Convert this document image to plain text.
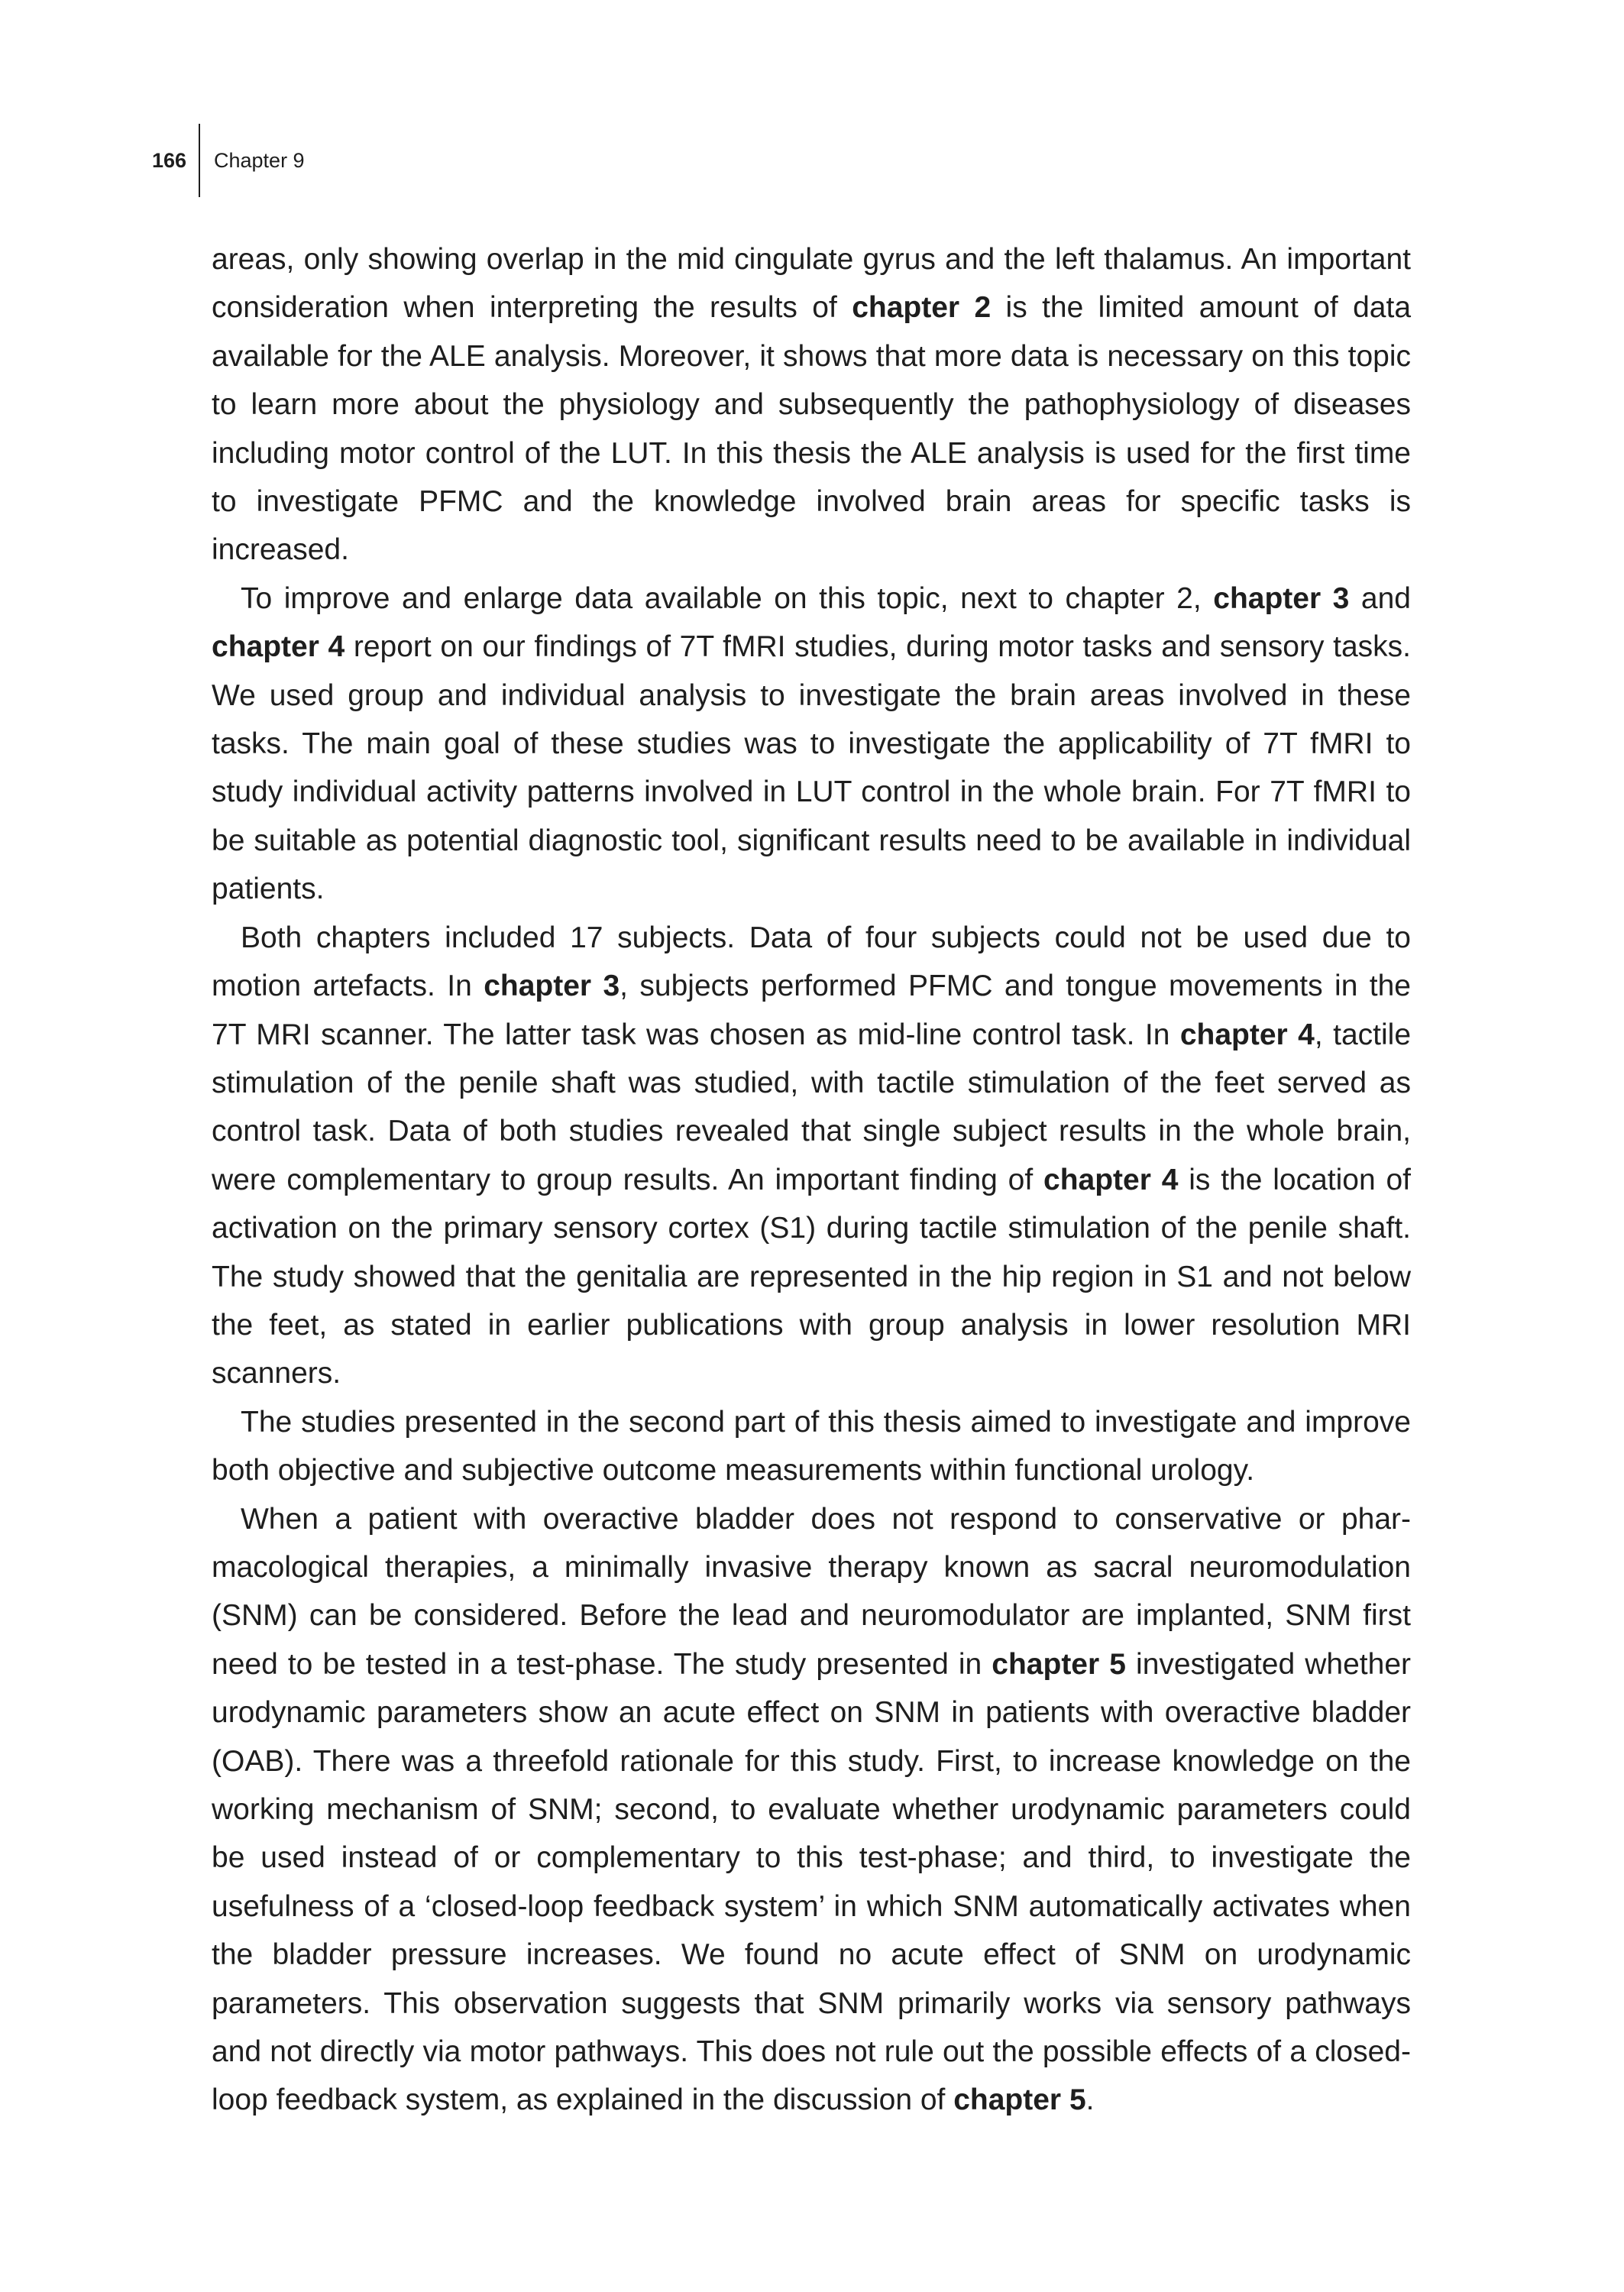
166	Chapter 9

areas, only showing overlap in the mid cingulate gyrus and the left thalamus. An important consideration when interpreting the results of chapter 2 is the limited amount of data available for the ALE analysis. Moreover, it shows that more data is necessary on this topic to learn more about the physiology and subsequently the pathophysiology of diseases including motor control of the LUT. In this thesis the ALE analysis is used for the first time to investigate PFMC and the knowledge involved brain areas for specific tasks is increased.

To improve and enlarge data available on this topic, next to chapter 2, chapter 3 and chapter 4 report on our findings of 7T fMRI studies, during motor tasks and sensory tasks. We used group and individual analysis to investigate the brain areas involved in these tasks. The main goal of these studies was to investigate the applicability of 7T fMRI to study individual activity patterns involved in LUT control in the whole brain. For 7T fMRI to be suitable as potential diagnostic tool, significant results need to be available in individual patients.

Both chapters included 17 subjects. Data of four subjects could not be used due to motion artefacts. In chapter 3, subjects performed PFMC and tongue movements in the 7T MRI scanner. The latter task was chosen as mid-line control task. In chapter 4, tactile stimulation of the penile shaft was studied, with tactile stimulation of the feet served as control task. Data of both studies revealed that single subject results in the whole brain, were complementary to group results. An important finding of chapter 4 is the location of activation on the primary sensory cortex (S1) during tactile stimulation of the penile shaft. The study showed that the genitalia are represented in the hip region in S1 and not below the feet, as stated in earlier publications with group analysis in lower resolution MRI scanners.

The studies presented in the second part of this thesis aimed to investigate and improve both objective and subjective outcome measurements within functional urology.

When a patient with overactive bladder does not respond to conservative or pharmacological therapies, a minimally invasive therapy known as sacral neuromodulation (SNM) can be considered. Before the lead and neuromodulator are implanted, SNM first need to be tested in a test-phase. The study presented in chapter 5 investigated whether urodynamic parameters show an acute effect on SNM in patients with overactive bladder (OAB). There was a threefold rationale for this study. First, to increase knowledge on the working mechanism of SNM; second, to evaluate whether urodynamic parameters could be used instead of or complementary to this test-phase; and third, to investigate the usefulness of a ‘closed-loop feedback system’ in which SNM automatically activates when the bladder pressure increases. We found no acute effect of SNM on urodynamic parameters. This observation suggests that SNM primarily works via sensory pathways and not directly via motor pathways. This does not rule out the possible effects of a closed-loop feedback system, as explained in the discussion of chapter 5.
